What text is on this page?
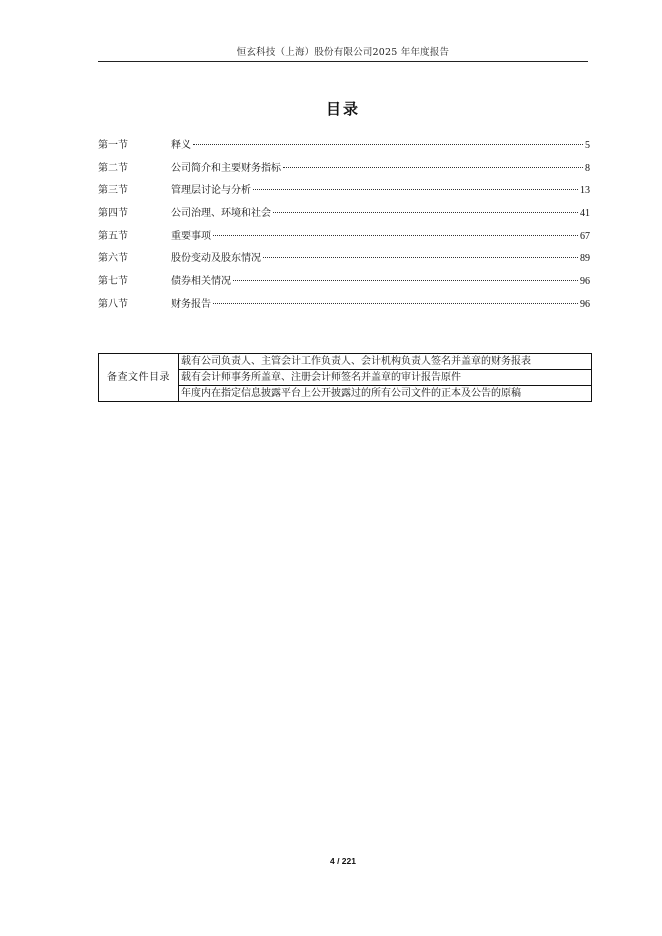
恒玄科技（上海）股份有限公司2025 年年度报告
目录
第一节	释义	5
第二节	公司简介和主要财务指标	8
第三节	管理层讨论与分析	13
第四节	公司治理、环境和社会	41
第五节	重要事项	67
第六节	股份变动及股东情况	89
第七节	债券相关情况	96
第八节	财务报告	96
备查文件目录	载有公司负责人、主管会计工作负责人、会计机构负责人签名并盖章的财务报表
载有会计师事务所盖章、注册会计师签名并盖章的审计报告原件
年度内在指定信息披露平台上公开披露过的所有公司文件的正本及公告的原稿
4 / 221
